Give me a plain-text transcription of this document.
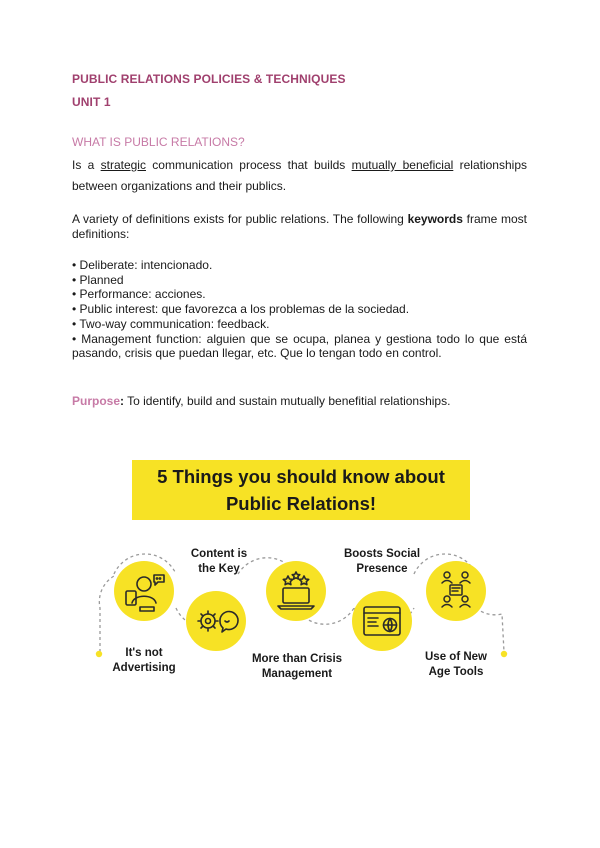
PUBLIC RELATIONS POLICIES & TECHNIQUES
UNIT 1
WHAT IS PUBLIC RELATIONS?
Is a strategic communication process that builds mutually beneficial relationships between organizations and their publics.
A variety of definitions exists for public relations. The following keywords frame most definitions:
• Deliberate: intencionado.
• Planned
• Performance: acciones.
• Public interest: que favorezca a los problemas de la sociedad.
• Two-way communication: feedback.
• Management function: alguien que se ocupa, planea y gestiona todo lo que está pasando, crisis que puedan llegar, etc. Que lo tengan todo en control.
Purpose: To identify, build and sustain mutually benefitial relationships.
5 Things you should know about
Public Relations!
It's not
Advertising
Content is
the Key
More than Crisis
Management
Boosts Social
Presence
Use of New
Age Tools
